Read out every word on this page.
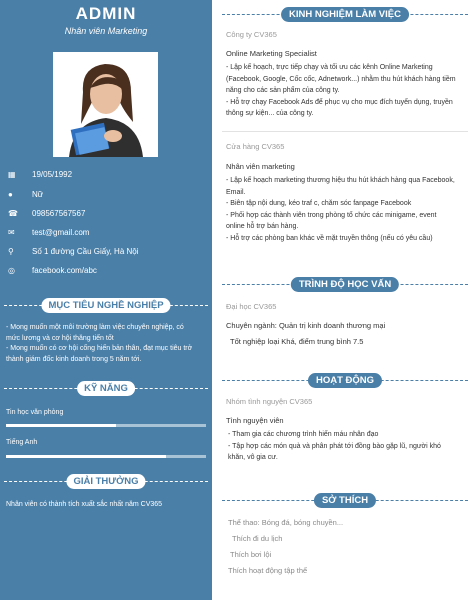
ADMIN
Nhân viên Marketing
▦	19/05/1992
●	Nữ
☎ 098567567567
✉	test@gmail.com
⚲	Số 1 đường Cầu Giấy, Hà Nội
◎	facebook.com/abc
MỤC TIÊU NGHỀ NGHIỆP
- Mong muốn một môi trường làm việc chuyên nghiệp, có
mức lương và cơ hội thăng tiến tốt
- Mong muốn có cơ hội cống hiến bản thân, đạt mục tiêu trở
thành giám đốc kinh doanh trong 5 năm tới.
KỸ NĂNG
Tin học văn phòng
Tiếng Anh
GIẢI THƯỞNG
Nhân viên có thành tích xuất sắc nhất năm CV365
KINH NGHIỆM LÀM VIỆC
Công ty CV365
Online Marketing Specialist
- Lập kế hoạch, trực tiếp chạy và tối ưu các kênh Online Marketing
(Facebook, Google, Cốc cốc, Adnetwork...) nhằm thu hút khách hàng tiềm
năng cho các sản phẩm của công ty.
- Hỗ trợ chạy Facebook Ads để phục vụ cho mục đích tuyển dụng, truyền
thông sự kiện... của công ty.
Cửa hàng CV365
Nhân viên marketing
- Lập kế hoạch marketing thương hiệu thu hút khách hàng qua Facebook,
Email.
- Biên tập nội dung, kéo traf c, chăm sóc fanpage Facebook
- Phối hợp các thành viên trong phòng tổ chức các minigame, event
online hỗ trợ bán hàng.
- Hỗ trợ các phòng ban khác về mặt truyền thông (nếu có yêu cầu)
TRÌNH ĐỘ HỌC VẤN
Đại học CV365
Chuyên ngành: Quản trị kinh doanh thương mại
Tốt nghiệp loại Khá, điểm trung bình 7.5
HOẠT ĐỘNG
Nhóm tình nguyện CV365
Tình nguyện viên
- Tham gia các chương trình hiến máu nhân đạo
- Tập hợp các món quà và phân phát tới đồng bào gặp lũ, người khó
khăn, vô gia cư.
SỞ THÍCH
Thể thao: Bóng đá, bóng chuyền...
Thích đi du lịch
Thích bơi lội
Thích hoạt động tập thể
